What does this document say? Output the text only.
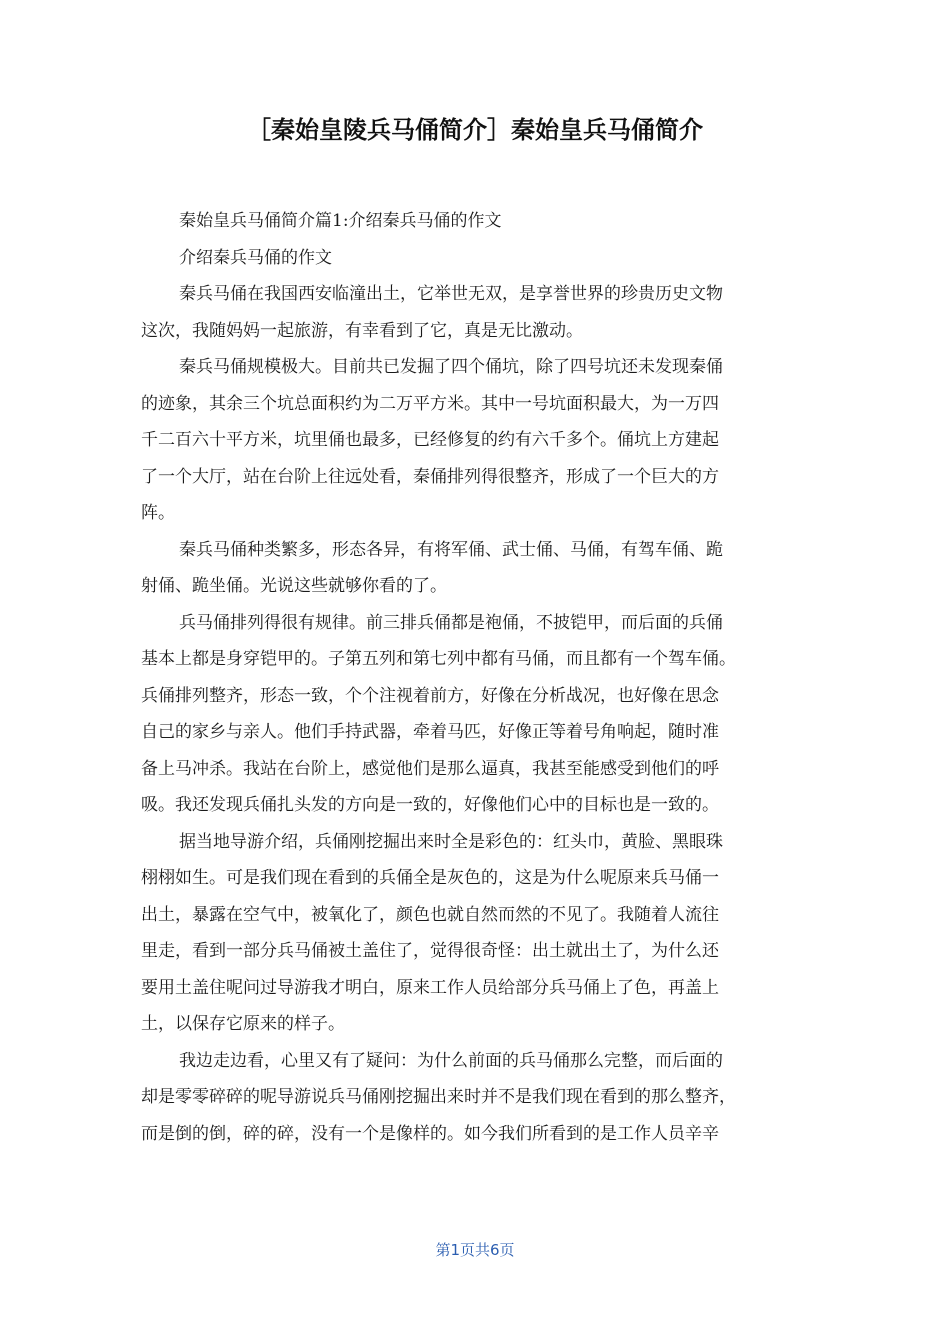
［秦始皇陵兵马俑简介］秦始皇兵马俑简介
秦始皇兵马俑简介篇1:介绍秦兵马俑的作文
介绍秦兵马俑的作文
秦兵马俑在我国西安临潼出土，它举世无双，是享誉世界的珍贵历史文物
这次，我随妈妈一起旅游，有幸看到了它，真是无比激动。
秦兵马俑规模极大。目前共已发掘了四个俑坑，除了四号坑还未发现秦俑
的迹象，其余三个坑总面积约为二万平方米。其中一号坑面积最大，为一万四
千二百六十平方米，坑里俑也最多，已经修复的约有六千多个。俑坑上方建起
了一个大厅，站在台阶上往远处看，秦俑排列得很整齐，形成了一个巨大的方
阵。
秦兵马俑种类繁多，形态各异，有将军俑、武士俑、马俑，有驾车俑、跪
射俑、跪坐俑。光说这些就够你看的了。
兵马俑排列得很有规律。前三排兵俑都是袍俑，不披铠甲，而后面的兵俑
基本上都是身穿铠甲的。子第五列和第七列中都有马俑，而且都有一个驾车俑。
兵俑排列整齐，形态一致，个个注视着前方，好像在分析战况，也好像在思念
自己的家乡与亲人。他们手持武器，牵着马匹，好像正等着号角响起，随时准
备上马冲杀。我站在台阶上，感觉他们是那么逼真，我甚至能感受到他们的呼
吸。我还发现兵俑扎头发的方向是一致的，好像他们心中的目标也是一致的。
据当地导游介绍，兵俑刚挖掘出来时全是彩色的：红头巾，黄脸、黑眼珠
栩栩如生。可是我们现在看到的兵俑全是灰色的，这是为什么呢原来兵马俑一
出土，暴露在空气中，被氧化了，颜色也就自然而然的不见了。我随着人流往
里走，看到一部分兵马俑被土盖住了，觉得很奇怪：出土就出土了，为什么还
要用土盖住呢问过导游我才明白，原来工作人员给部分兵马俑上了色，再盖上
土，以保存它原来的样子。
我边走边看，心里又有了疑问：为什么前面的兵马俑那么完整，而后面的
却是零零碎碎的呢导游说兵马俑刚挖掘出来时并不是我们现在看到的那么整齐，
而是倒的倒，碎的碎，没有一个是像样的。如今我们所看到的是工作人员辛辛
第1页共6页
